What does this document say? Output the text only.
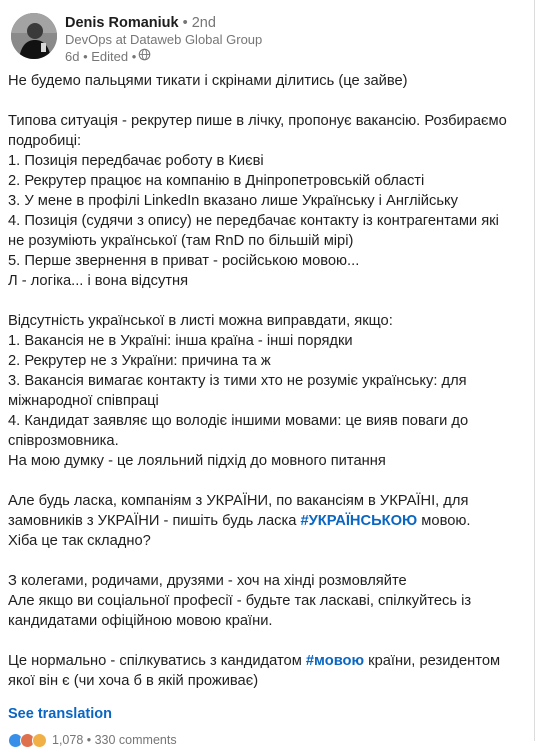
Denis Romaniuk • 2nd
DevOps at Dataweb Global Group
6d • Edited •
Не будемо пальцями тикати і скрінами ділитись (це зайве)
Типова ситуація - рекрутер пише в лічку, пропонує вакансію. Розбираємо
подробиці:
1. Позиція передбачає роботу в Києві
2. Рекрутер працює на компанію в Дніпропетровській області
3. У мене в профілі LinkedIn вказано лише Українську і Англійську
4. Позиція (судячи з опису) не передбачає контакту із контрагентами які
не розуміють української (там RnD по більшій мірі)
5. Перше звернення в приват - російською мовою...
Л - логіка... і вона відсутня
Відсутність української в листі можна виправдати, якщо:
1. Вакансія не в Україні: інша країна - інші порядки
2. Рекрутер не з України: причина та ж
3. Вакансія вимагає контакту із тими хто не розуміє українську: для
міжнародної співпраці
4. Кандидат заявляє що володіє іншими мовами: це вияв поваги до
співрозмовника.
На мою думку - це лояльний підхід до мовного питання
Але будь ласка, компаніям з УКРАЇНИ, по вакансіям в УКРАЇНІ, для
замовників з УКРАЇНИ - пишіть будь ласка #УКРАЇНСЬКОЮ мовою.
Хіба це так складно?
З колегами, родичами, друзями - хоч на хінді розмовляйте
Але якщо ви соціальної професії - будьте так ласкаві, спілкуйтесь із
кандидатами офіційною мовою країни.
Це нормально - спілкуватись з кандидатом #мовою країни, резидентом
якої він є (чи хоча б в якій проживає)
See translation
1,078 • 330 comments
